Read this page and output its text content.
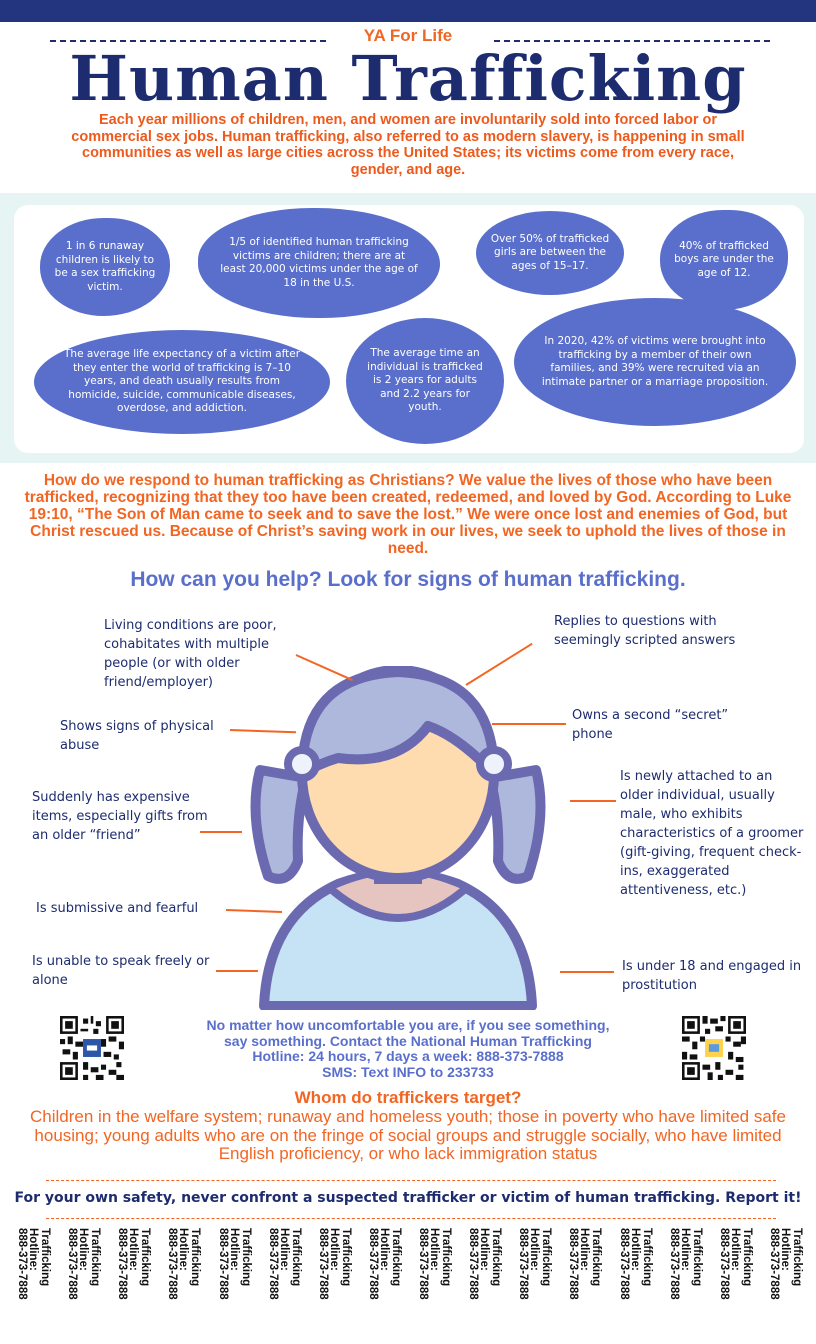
YA For Life
Human Trafficking
Each year millions of children, men, and women are involuntarily sold into forced labor or commercial sex jobs. Human trafficking, also referred to as modern slavery, is happening in small communities as well as large cities across the United States; its victims come from every race, gender, and age.
1 in 6 runaway children is likely to be a sex trafficking victim.
1/5 of identified human trafficking victims are children; there are at least 20,000 victims under the age of 18 in the U.S.
Over 50% of trafficked girls are between the ages of 15–17.
40% of trafficked boys are under the age of 12.
The average life expectancy of a victim after they enter the world of trafficking is 7–10 years, and death usually results from homicide, suicide, communicable diseases, overdose, and addiction.
The average time an individual is trafficked is 2 years for adults and 2.2 years for youth.
In 2020, 42% of victims were brought into trafficking by a member of their own families, and 39% were recruited via an intimate partner or a marriage proposition.
How do we respond to human trafficking as Christians? We value the lives of those who have been trafficked, recognizing that they too have been created, redeemed, and loved by God. According to Luke 19:10, “The Son of Man came to seek and to save the lost.” We were once lost and enemies of God, but Christ rescued us. Because of Christ’s saving work in our lives, we seek to uphold the lives of those in need.
How can you help? Look for signs of human trafficking.
Living conditions are poor, cohabitates with multiple people (or with older friend/employer)
Shows signs of physical abuse
Suddenly has expensive items, especially gifts from an older “friend”
Is submissive and fearful
Is unable to speak freely or alone
Replies to questions with seemingly scripted answers
Owns a second “secret” phone
Is newly attached to an older individual, usually male, who exhibits characteristics of a groomer (gift-giving, frequent check-ins, exaggerated attentiveness, etc.)
Is under 18 and engaged in prostitution
No matter how uncomfortable you are, if you see something,
say something. Contact the National Human Trafficking
Hotline: 24 hours, 7 days a week: 888-373-7888
SMS: Text INFO to 233733
Whom do traffickers target?
Children in the welfare system; runaway and homeless youth; those in poverty who have limited safe housing; young adults who are on the fringe of social groups and struggle socially, who have limited English proficiency, or who lack immigration status
For your own safety, never confront a suspected trafficker or victim of human trafficking. Report it!
Trafficking
Hotline:
888-373-7888	Trafficking
Hotline:
888-373-7888	Trafficking
Hotline:
888-373-7888	Trafficking
Hotline:
888-373-7888	Trafficking
Hotline:
888-373-7888	Trafficking
Hotline:
888-373-7888	Trafficking
Hotline:
888-373-7888	Trafficking
Hotline:
888-373-7888	Trafficking
Hotline:
888-373-7888	Trafficking
Hotline:
888-373-7888	Trafficking
Hotline:
888-373-7888	Trafficking
Hotline:
888-373-7888	Trafficking
Hotline:
888-373-7888	Trafficking
Hotline:
888-373-7888	Trafficking
Hotline:
888-373-7888	Trafficking
Hotline:
888-373-7888
